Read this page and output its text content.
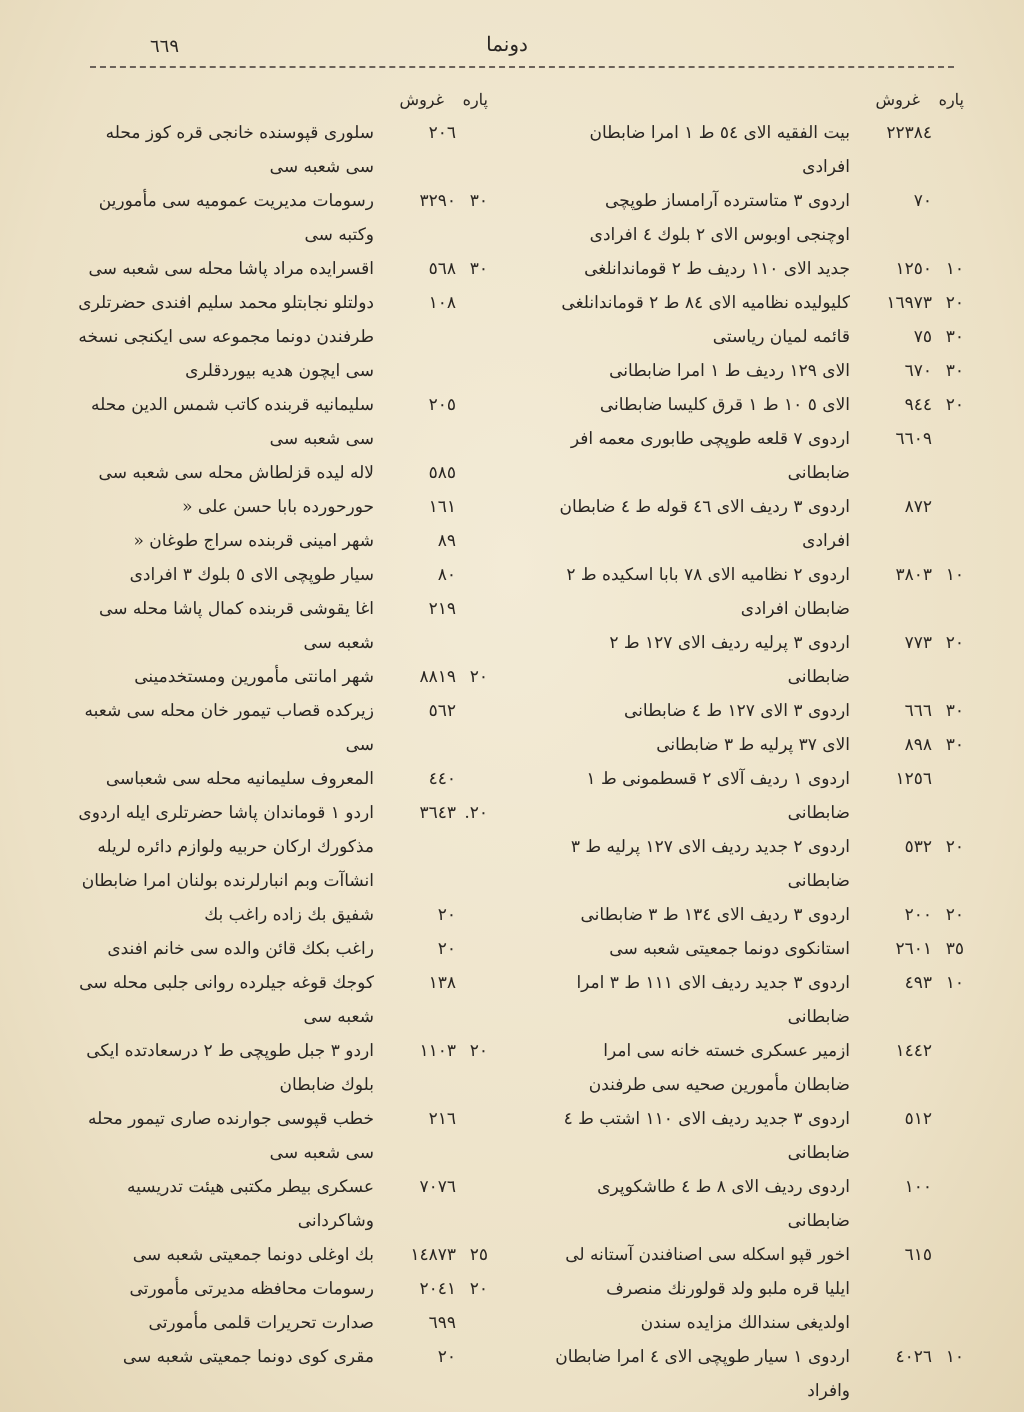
٦٦٩	دونما
پاره
غروش
٢٢٣٨٤
بيت الفقيه الاى ٥٤ ط ١ امرا ضابطان افرادى
٧٠
اردوى ٣ متاسترده آرامساز طوپچى اوچنجى اوبوس الاى ٢ بلوك ٤ افرادى
١٠
١٢٥٠
جديد الاى ١١٠ رديف ط ٢ قوماندانلغى
٢٠
١٦٩٧٣
كليوليده نظاميه الاى ٨٤ ط ٢ قوماندانلغى
٣٠
٧٥
قائمه لميان رياستى
٣٠
٦٧٠
الاى ١٢٩ رديف ط ١ امرا ضابطانى
٢٠
٩٤٤
الاى ٥ ١٠ ط ١ قرق كليسا ضابطانى
٦٦٠٩
اردوى ٧ قلعه طوپچى طابورى معمه افر ضابطانى
٨٧٢
اردوى ٣ رديف الاى ٤٦ قوله ط ٤ ضابطان افرادى
١٠
٣٨٠٣
اردوى ٢ نظاميه الاى ٧٨ بابا اسكيده ط ٢ ضابطان افرادى
٢٠
٧٧٣
اردوى ٣ پرليه رديف الاى ١٢٧ ط ٢ ضابطانى
٣٠
٦٦٦
اردوى ٣ الاى ١٢٧ ط ٤ ضابطانى
٣٠
٨٩٨
الاى ٣٧ پرليه ط ٣ ضابطانى
١٢٥٦
اردوى ١ رديف آلاى ٢ قسطمونى ط ١ ضابطانى
٢٠
٥٣٢
اردوى ٢ جديد رديف الاى ١٢٧ پرليه ط ٣ ضابطانى
٢٠
٢٠٠
اردوى ٣ رديف الاى ١٣٤ ط ٣ ضابطانى
٣٥
٢٦٠١
استانكوى دونما جمعيتى شعبه سى
١٠
٤٩٣
اردوى ٣ جديد رديف الاى ١١١ ط ٣ امرا ضابطانى
١٤٤٢
ازمير عسكرى خسته خانه سى امرا ضابطان مأمورين صحيه سى طرفندن
٥١٢
اردوى ٣ جديد رديف الاى ١١٠ اشتب ط ٤ ضابطانى
١٠٠
اردوى رديف الاى ٨ ط ٤ طاشكوپرى ضابطانى
٦١٥
اخور قپو اسكله سى اصنافندن آستانه لى ايليا قره ملبو ولد قولورنك منصرف اولديغى سندالك مزايده سندن
١٠
٤٠٢٦
اردوى ١ سيار طوپچى الاى ٤ امرا ضابطان وافراد
پاره
غروش
٢٠٦
سلورى قپوسنده خانجى قره كوز محله سى شعبه سى
٣٠
٣٢٩٠
رسومات مديريت عموميه سى مأمورين وكتبه سى
٣٠
٥٦٨
اقسرايده مراد پاشا محله سى شعبه سى
١٠٨
دولتلو نجابتلو محمد سليم افندى حضرتلرى طرفندن دونما مجموعه سى ايكنجى نسخه سى ايچون هديه بيوردقلرى
٢٠٥
سليمانيه قربنده كاتب شمس الدين محله سى شعبه سى
٥٨٥
لاله ليده قزلطاش محله سى شعبه سى
١٦١
حورحورده بابا حسن على «
٨٩
شهر امينى قربنده سراج طوغان «
٨٠
سيار طوپچى الاى ٥ بلوك ٣ افرادى
٢١٩
اغا يقوشى قربنده كمال پاشا محله سى شعبه سى
٢٠
٨٨١٩
شهر امانتى مأمورين ومستخدمينى
٥٦٢
زيركده قصاب تيمور خان محله سى شعبه سى
٤٤٠
المعروف سليمانيه محله سى شعباسى
٢٠.
٣٦٤٣
اردو ١ قوماندان پاشا حضرتلرى ايله اردوى مذكورك اركان حربيه ولوازم دائره لريله انشاآت وبم انبارلرنده بولنان امرا ضابطان
٢٠
شفيق بك زاده راغب بك
٢٠
راغب بكك قائن والده سى خانم افندى
١٣٨
كوجك قوغه جيلرده روانى جلبى محله سى شعبه سى
٢٠
١١٠٣
اردو ٣ جبل طوپچى ط ٢ درسعادتده ايكى بلوك ضابطان
٢١٦
خطب قپوسى جوارنده صارى تيمور محله سى شعبه سى
٧٠٧٦
عسكرى بيطر مكتبى هيئت تدريسيه وشاكردانى
٢٥
١٤٨٧٣
بك اوغلى دونما جمعيتى شعبه سى
٢٠
٢٠٤١
رسومات محافظه مديرتى مأمورتى
٦٩٩
صدارت تحريرات قلمى مأمورتى
٢٠
مقرى كوى دونما جمعيتى شعبه سى
